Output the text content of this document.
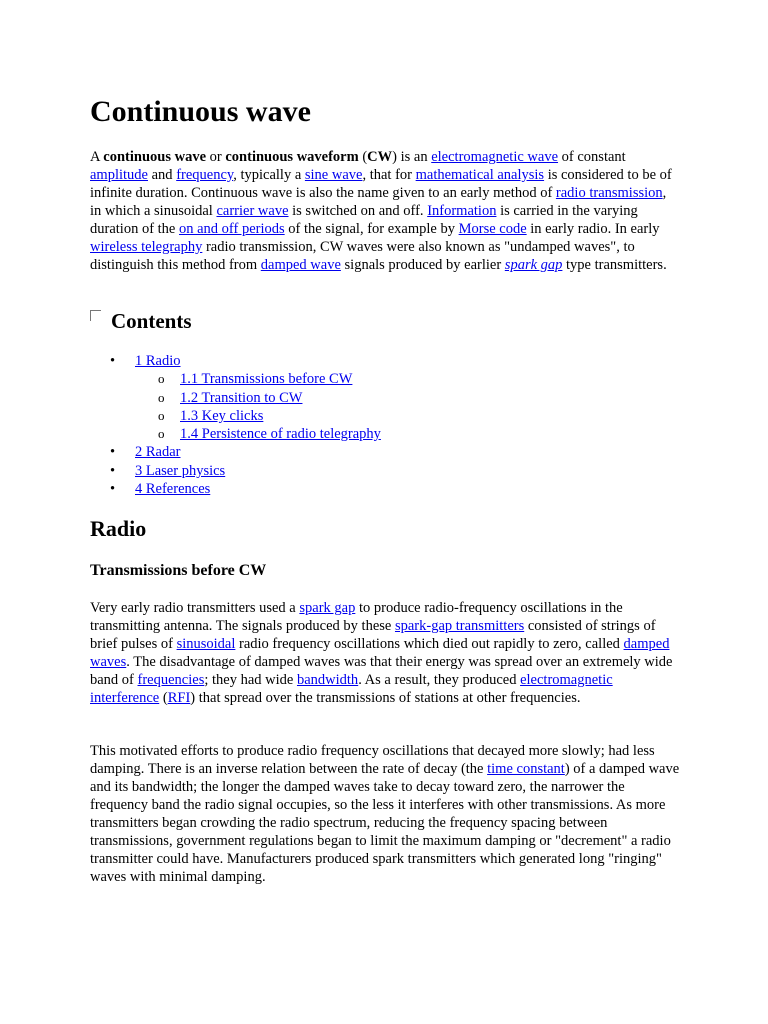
Continuous wave

A continuous wave or continuous waveform (CW) is an electromagnetic wave of constant amplitude and frequency, typically a sine wave, that for mathematical analysis is considered to be of infinite duration. Continuous wave is also the name given to an early method of radio transmission, in which a sinusoidal carrier wave is switched on and off. Information is carried in the varying duration of the on and off periods of the signal, for example by Morse code in early radio. In early wireless telegraphy radio transmission, CW waves were also known as "undamped waves", to distinguish this method from damped wave signals produced by earlier spark gap type transmitters.

Contents
• 1 Radio
o 1.1 Transmissions before CW
o 1.2 Transition to CW
o 1.3 Key clicks
o 1.4 Persistence of radio telegraphy
• 2 Radar
• 3 Laser physics
• 4 References
Radio
Transmissions before CW

Very early radio transmitters used a spark gap to produce radio-frequency oscillations in the transmitting antenna. The signals produced by these spark-gap transmitters consisted of strings of brief pulses of sinusoidal radio frequency oscillations which died out rapidly to zero, called damped waves. The disadvantage of damped waves was that their energy was spread over an extremely wide band of frequencies; they had wide bandwidth. As a result, they produced electromagnetic interference (RFI) that spread over the transmissions of stations at other frequencies.

This motivated efforts to produce radio frequency oscillations that decayed more slowly; had less damping. There is an inverse relation between the rate of decay (the time constant) of a damped wave and its bandwidth; the longer the damped waves take to decay toward zero, the narrower the frequency band the radio signal occupies, so the less it interferes with other transmissions. As more transmitters began crowding the radio spectrum, reducing the frequency spacing between transmissions, government regulations began to limit the maximum damping or "decrement" a radio transmitter could have. Manufacturers produced spark transmitters which generated long "ringing" waves with minimal damping.
